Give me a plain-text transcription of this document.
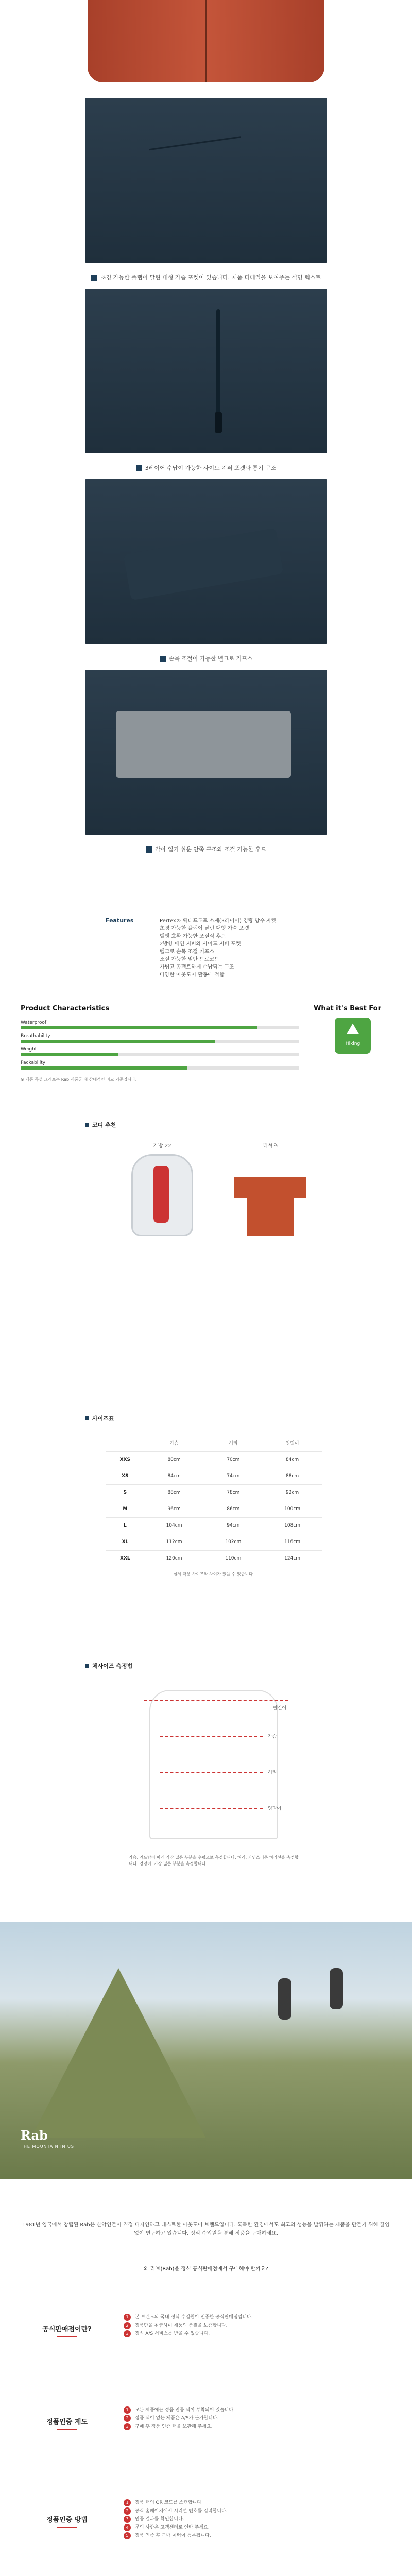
초경 가능한 플랩이 달린 대형 가슴 포켓이 있습니다. 제품 디테일을 보여주는 설명 텍스트
3레이어 수납이 가능한 사이드 지퍼 포켓과 통기 구조
손목 조절이 가능한 벨크로 커프스
갈아 입기 쉬운 안쪽 구조와 조절 가능한 후드
Features	Pertex® 웨더프루프 소재(3레이어) 경량 방수 자켓
초경 가능한 플랩이 달린 대형 가슴 포켓
헬멧 호환 가능한 조절식 후드
2방향 메인 지퍼와 사이드 지퍼 포켓
벨크로 손목 조절 커프스
조절 가능한 밑단 드로코드
가볍고 콤팩트하게 수납되는 구조
다양한 아웃도어 활동에 적합
Product Characteristics	What it's Best For
Waterproof
Breathability
Weight
Packability
⛰
Hiking
※ 제품 특성 그래프는 Rab 제품군 내 상대적인 비교 기준입니다.
코디 추천
가방 22	티셔츠
사이즈표
	가슴	허리	엉덩이
XXS	80cm	70cm	84cm
XS	84cm	74cm	88cm
S	88cm	78cm	92cm
M	96cm	86cm	100cm
L	104cm	94cm	108cm
XL	112cm	102cm	116cm
XXL	120cm	110cm	124cm
실제 착용 사이즈와 차이가 있을 수 있습니다.
체사이즈 측정법
팔길이
가슴
허리
엉덩이
가슴: 겨드랑이 아래 가장 넓은 부분을 수평으로 측정합니다. 허리: 자연스러운 허리선을 측정합니다. 엉덩이: 가장 넓은 부분을 측정합니다.
Rab
THE MOUNTAIN IN US
1981년 영국에서 창립된 Rab은 산악인들이 직접 디자인하고 테스트한 아웃도어 브랜드입니다. 혹독한 환경에서도 최고의 성능을 발휘하는 제품을 만들기 위해 끊임없이 연구하고 있습니다. 정식 수입원을 통해 정품을 구매하세요.
왜 라브(Rab)을 정식 공식판매점에서 구매해야 할까요?
공식판매점이란?
1 본 브랜드의 국내 정식 수입원이 인증한 공식판매점입니다.
2 정품만을 취급하며 제품의 품질을 보증합니다.
3 정식 A/S 서비스를 받을 수 있습니다.
정품인증 제도
1 모든 제품에는 정품 인증 택이 부착되어 있습니다.
2 정품 택이 없는 제품은 A/S가 불가합니다.
3 구매 후 정품 인증 택을 보관해 주세요.
정품인증 방법
1 정품 택의 QR 코드를 스캔합니다.
2 공식 홈페이지에서 시리얼 번호를 입력합니다.
3 인증 결과를 확인합니다.
4 문의 사항은 고객센터로 연락 주세요.
5 정품 인증 후 구매 이력이 등록됩니다.
